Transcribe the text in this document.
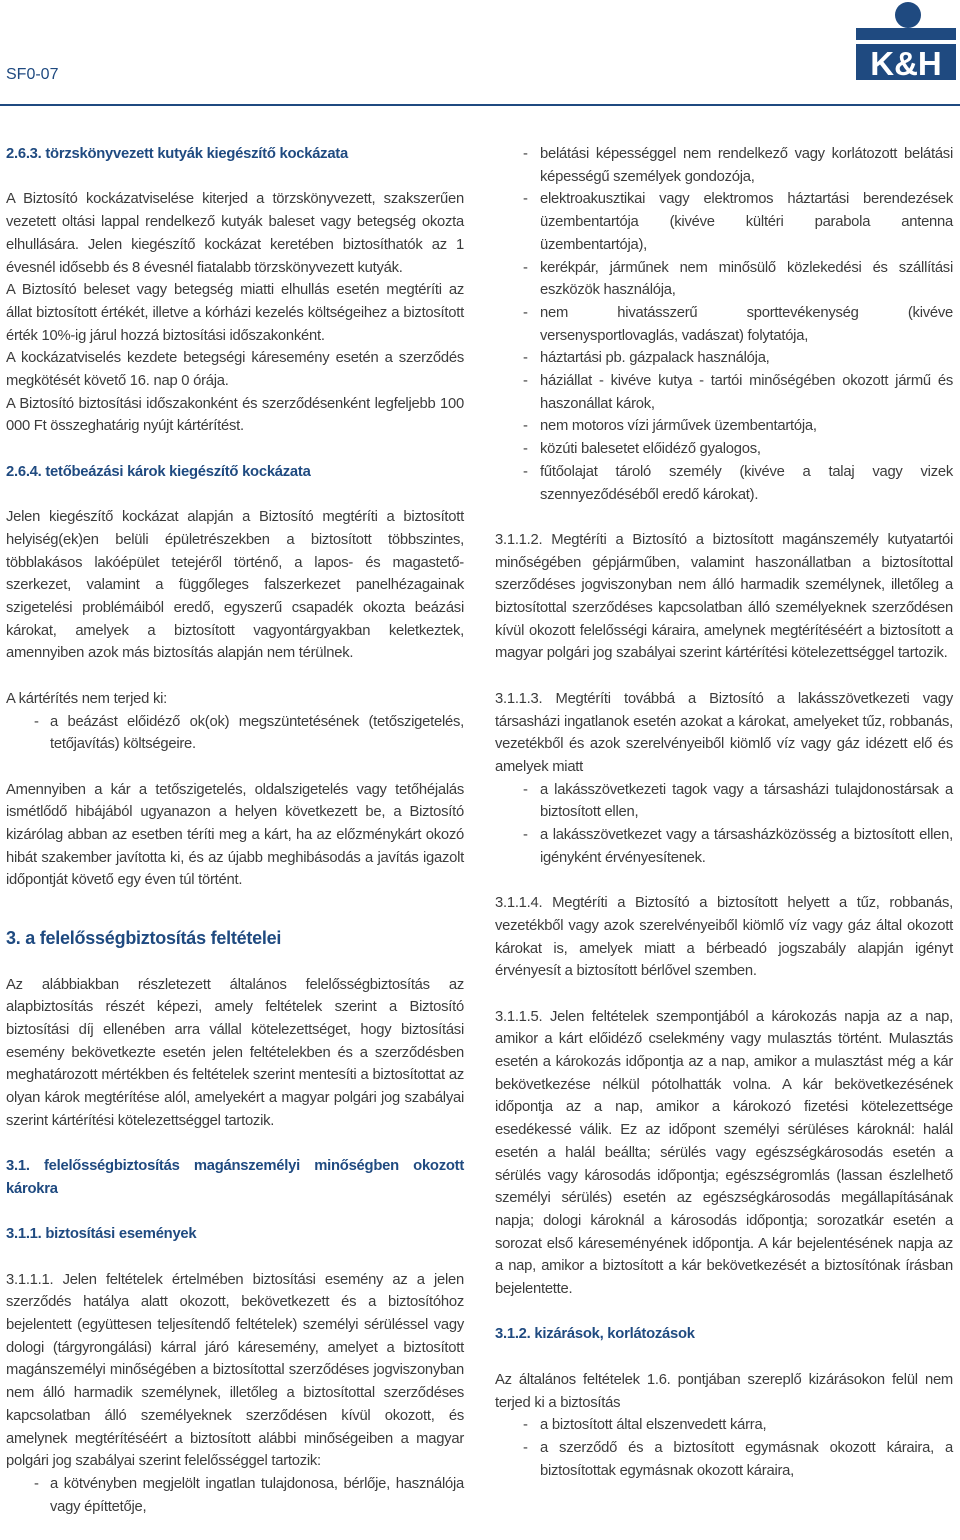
SF0-07	K&H

2.6.3. törzskönyvezett kutyák kiegészítő kockázata

A Biztosító kockázatviselése kiterjed a törzskönyvezett, szakszerűen vezetett oltási lappal rendelkező kutyák baleset vagy betegség okozta elhullására. Jelen kiegészítő kockázat keretében biztosíthatók az 1 évesnél idősebb és 8 évesnél fiatalabb törzskönyvezett kutyák.

A Biztosító beleset vagy betegség miatti elhullás esetén megtéríti az állat biztosított értékét, illetve a kórházi kezelés költségeihez a biztosított érték 10%-ig járul hozzá biztosítási időszakonként.

A kockázatviselés kezdete betegségi káresemény esetén a szerződés megkötését követő 16. nap 0 órája.

A Biztosító biztosítási időszakonként és szerződésenként legfeljebb 100 000 Ft összeghatárig nyújt kártérítést.

2.6.4. tetőbeázási károk kiegészítő kockázata

Jelen kiegészítő kockázat alapján a Biztosító megtéríti a biztosított helyiség(ek)en belüli épületrészekben a biztosított többszintes, többlakásos lakóépület tetejéről történő, a lapos- és magastető-szerkezet, valamint a függőleges falszerkezet panelhézagainak szigetelési problémáiból eredő, egyszerű csapadék okozta beázási károkat, amelyek a biztosított vagyontárgyakban keletkeztek, amennyiben azok más biztosítás alapján nem térülnek.

A kártérítés nem terjed ki:

- a beázást előidéző ok(ok) megszüntetésének (tetőszigetelés, tetőjavítás) költségeire.

Amennyiben a kár a tetőszigetelés, oldalszigetelés vagy tetőhéjalás ismétlődő hibájából ugyanazon a helyen következett be, a Biztosító kizárólag abban az esetben téríti meg a kárt, ha az előzménykárt okozó hibát szakember javította ki, és az újabb meghibásodás a javítás igazolt időpontját követő egy éven túl történt.

3. a felelősségbiztosítás feltételei

Az alábbiakban részletezett általános felelősségbiztosítás az alapbiztosítás részét képezi, amely feltételek szerint a Biztosító biztosítási díj ellenében arra vállal kötelezettséget, hogy biztosítási esemény bekövetkezte esetén jelen feltételekben és a szerződésben meghatározott mértékben és feltételek szerint mentesíti a biztosítottat az olyan károk megtérítése alól, amelyekért a magyar polgári jog szabályai szerint kártérítési kötelezettséggel tartozik.

3.1. felelősségbiztosítás magánszemélyi minőségben okozott károkra

3.1.1. biztosítási események

3.1.1.1. Jelen feltételek értelmében biztosítási esemény az a jelen szerződés hatálya alatt okozott, bekövetkezett és a biztosítóhoz bejelentett (együttesen teljesítendő feltételek) személyi sérüléssel vagy dologi (tárgyrongálási) kárral járó káresemény, amelyet a biztosított magánszemélyi minőségében a biztosítottal szerződéses jogviszonyban nem álló harmadik személynek, illetőleg a biztosítottal szerződéses kapcsolatban álló személyeknek szerződésen kívül okozott, és amelynek megtérítéséért a biztosított alábbi minőségeiben a magyar polgári jog szabályai szerint felelősséggel tartozik:

- a kötvényben megjelölt ingatlan tulajdonosa, bérlője, használója vagy építtetője,
- belátási képességgel nem rendelkező vagy korlátozott belátási képességű személyek gondozója,
- elektroakusztikai vagy elektromos háztartási berendezések üzembentartója (kivéve kültéri parabola antenna üzembentartója),
- kerékpár, járműnek nem minősülő közlekedési és szállítási eszközök használója,
- nem hivatásszerű sporttevékenység (kivéve versenysportlovaglás, vadászat) folytatója,
- háztartási pb. gázpalack használója,
- háziállat - kivéve kutya - tartói minőségében okozott jármű és haszonállat károk,
- nem motoros vízi járművek üzembentartója,
- közúti balesetet előidéző gyalogos,
- fűtőolajat tároló személy (kivéve a talaj vagy vizek szennyeződéséből eredő károkat).

3.1.1.2. Megtéríti a Biztosító a biztosított magánszemély kutyatartói minőségében gépjárműben, valamint haszonállatban a biztosítottal szerződéses jogviszonyban nem álló harmadik személynek, illetőleg a biztosítottal szerződéses kapcsolatban álló személyeknek szerződésen kívül okozott felelősségi káraira, amelynek megtérítéséért a biztosított a magyar polgári jog szabályai szerint kártérítési kötelezettséggel tartozik.

3.1.1.3. Megtéríti továbbá a Biztosító a lakásszövetkezeti vagy társasházi ingatlanok esetén azokat a károkat, amelyeket tűz, robbanás, vezetékből és azok szerelvényeiből kiömlő víz vagy gáz idézett elő és amelyek miatt

- a lakásszövetkezeti tagok vagy a társasházi tulajdonostársak a biztosított ellen,
- a lakásszövetkezet vagy a társasházközösség a biztosított ellen, igényként érvényesítenek.

3.1.1.4. Megtéríti a Biztosító a biztosított helyett a tűz, robbanás, vezetékből vagy azok szerelvényeiből kiömlő víz vagy gáz által okozott károkat is, amelyek miatt a bérbeadó jogszabály alapján igényt érvényesít a biztosított bérlővel szemben.

3.1.1.5. Jelen feltételek szempontjából a károkozás napja az a nap, amikor a kárt előidéző cselekmény vagy mulasztás történt. Mulasztás esetén a károkozás időpontja az a nap, amikor a mulasztást még a kár bekövetkezése nélkül pótolhatták volna. A kár bekövetkezésének időpontja az a nap, amikor a károkozó fizetési kötelezettsége esedékessé válik. Ez az időpont személyi sérüléses károknál: halál esetén a halál beállta; sérülés vagy egészségkárosodás esetén a sérülés vagy károsodás időpontja; egészségromlás (lassan észlelhető személyi sérülés) esetén az egészségkárosodás megállapításának napja; dologi károknál a károsodás időpontja; sorozatkár esetén a sorozat első káreseményének időpontja. A kár bejelentésének napja az a nap, amikor a biztosított a kár bekövetkezését a biztosítónak írásban bejelentette.

3.1.2. kizárások, korlátozások

Az általános feltételek 1.6. pontjában szereplő kizárásokon felül nem terjed ki a biztosítás

- a biztosított által elszenvedett kárra,
- a szerződő és a biztosított egymásnak okozott káraira, a biztosítottak egymásnak okozott káraira,
